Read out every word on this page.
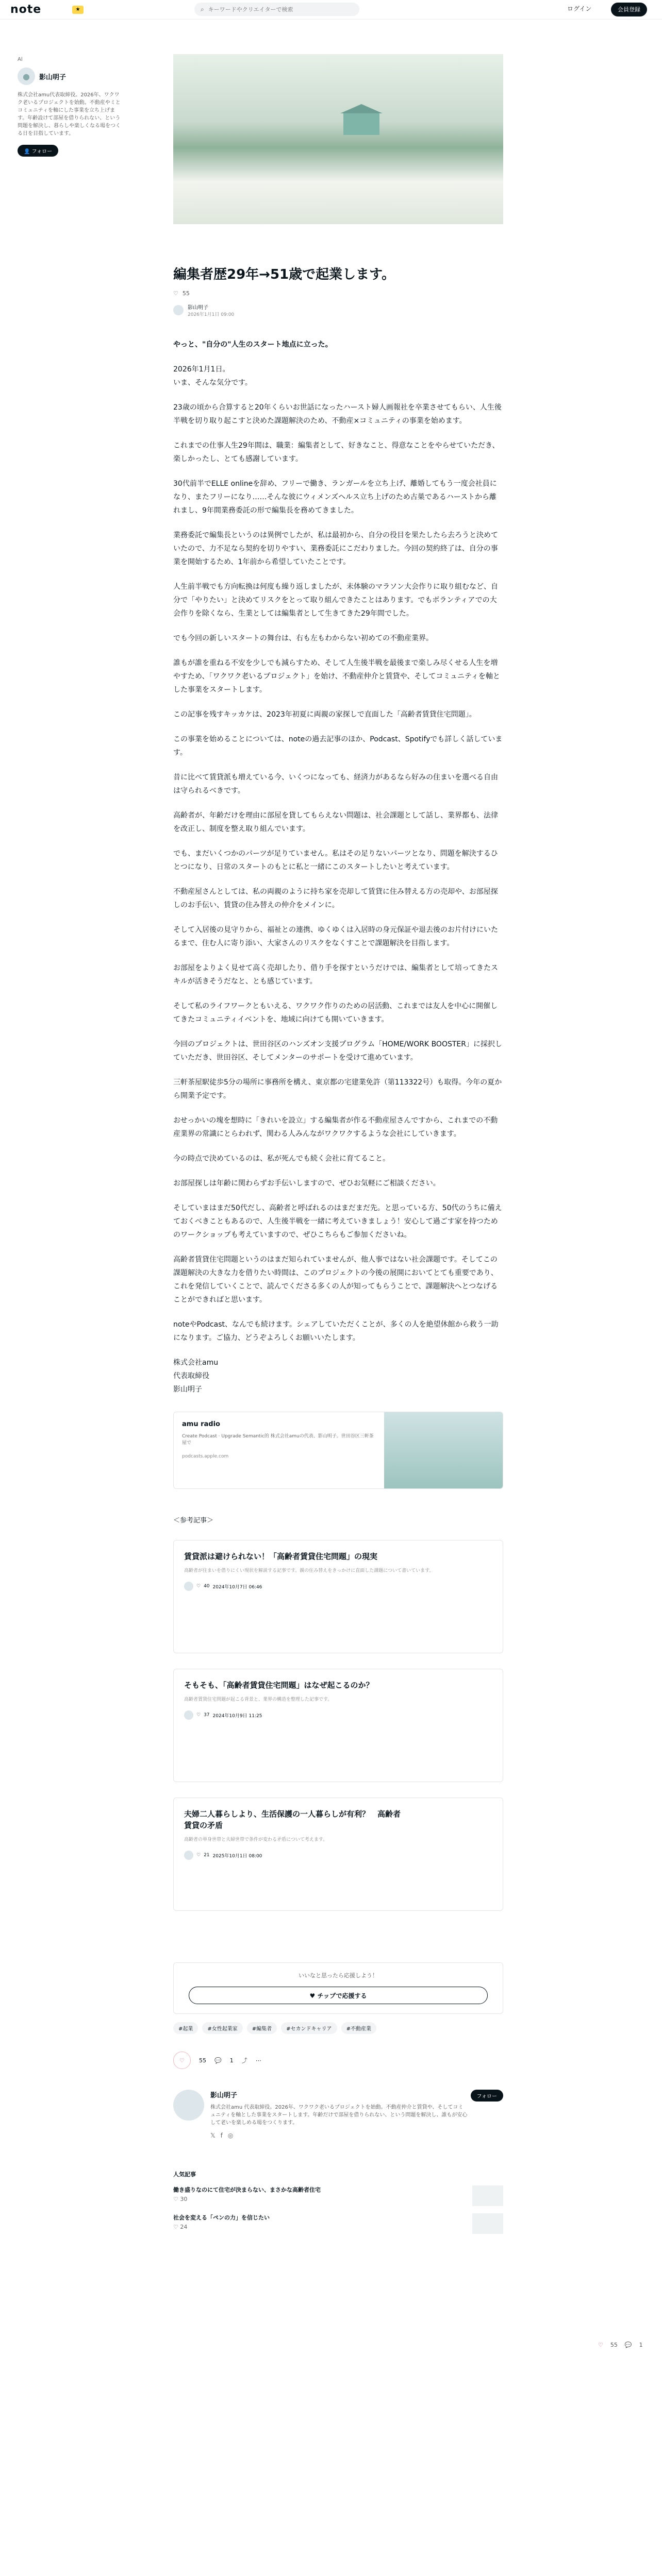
note	★	⌕
キーワードやクリエイターで検索	ログイン	会員登録
Al
●	影山明子
株式会社amu代表取締役。2026年、ワクワク老いるプロジェクトを始動。不動産やミとコミュニティを軸にした事業を立ち上げます。年齢設けて部屋を借りられない、という問題を解決し、暮らしや楽しくなる場をつくる日を目指しています。
👤 フォロー
編集者歴29年→51歳で起業します。
♡ 55
影山明子
2026年1月1日 09:00

やっと、"自分の"人生のスタート地点に立った。

2026年1月1日。
いま、そんな気分です。

23歳の頃から合算すると20年くらいお世話になったハースト婦人画報社を卒業させてもらい、人生後半戦を切り取り起こすと決めた課題解決のため、不動産×コミュニティの事業を始めます。

これまでの仕事人生29年間は、職業：編集者として、好きなこと、得意なことをやらせていただき、楽しかったし、とても感謝しています。

30代前半でELLE onlineを辞め、フリーで働き、ランガールを立ち上げ、離婚してもう一度会社員になり、またフリーになり……そんな彼にウィメンズヘルス立ち上げのため古巣であるハーストから離れまし、9年間業務委託の形で編集長を務めてきました。

業務委託で編集長というのは異例でしたが、私は最初から、自分の役目を果たしたら去ろうと決めていたので、力不足なら契約を切りやすい、業務委託にこだわりました。今回の契約終了は、自分の事業を開始するため、1年前から希望していたことです。

人生前半戦でも方向転換は何度も繰り返しましたが、未体験のマラソン大会作りに取り組むなど、自分で「やりたい」と決めてリスクをとって取り組んできたことはあります。でもボランティアでの大会作りを除くなら、生業としては編集者として生きてきた29年間でした。

でも今回の新しいスタートの舞台は、右も左もわからない初めての不動産業界。

誰もが誰を重ねる不安を少しでも減らすため、そして人生後半戦を最後まで楽しみ尽くせる人生を増やすため、「ワクワク老いるプロジェクト」を始け、不動産仲介と賃貸や、そしてコミュニティを軸とした事業をスタートします。

この記事を残すキッカケは、2023年初夏に両親の家探しで直面した「高齢者賃貸住宅問題」。

この事業を始めることについては、noteの過去記事のほか、Podcast、Spotifyでも詳しく話しています。

昔に比べて賃貸派も増えている今、いくつになっても、経済力があるなら好みの住まいを選べる自由は守られるべきです。

高齢者が、年齢だけを理由に部屋を貸してもらえない問題は、社会課題として話し、業界都も、法律を改正し、制度を整え取り組んでいます。

でも、まだいくつかのパーツが足りていません。私はその足りないパーツとなり、問題を解決するひとつになり、日常のスタートのもとに私と一緒にこのスタートしたいと考えています。

不動産屋さんとしては、私の両親のように持ち家を売却して賃貸に住み替える方の売却や、お部屋探しのお手伝い、賃貸の住み替えの仲介をメインに。

そして入居後の見守りから、福祉との連携、ゆくゆくは入居時の身元保証や退去後のお片付けにいたるまで、住む人に寄り添い、大家さんのリスクをなくすことで課題解決を目指します。

お部屋をよりよく見せて高く売却したり、借り手を探すというだけでは、編集者として培ってきたスキルが活きそうだなと、とも感じています。

そして私のライフワークともいえる、ワクワク作りのための居活動、これまでは友人を中心に開催してきたコミュニティイベントを、地域に向けても開いていきます。

今回のプロジェクトは、世田谷区のハンズオン支援プログラム「HOME/WORK BOOSTER」に採択していただき、世田谷区、そしてメンターのサポートを受けて進めています。

三軒茶屋駅徒歩5分の場所に事務所を構え、東京都の宅建業免許（第113322号）も取得。今年の夏から開業予定です。

おせっかいの塊を想時に「きれいを設立」する編集者が作る不動産屋さんですから、これまでの不動産業界の常識にとらわれず、関わる人みんながワクワクするような会社にしていきます。

今の時点で決めているのは、私が死んでも続く会社に育てること。

お部屋探しは年齢に関わらずお手伝いしますので、ぜひお気軽にご相談ください。

そしていまはまだ50代だし、高齢者と呼ばれるのはまだまだ先。と思っている方、50代のうちに備えておくべきこともあるので、人生後半戦を一緒に考えていきましょう！安心して過ごす家を持つためのワークショップも考えていますので、ぜひこちらもご参加くださいね。

高齢者賃貸住宅問題というのはまだ知られていませんが、他人事ではない社会課題です。そしてこの課題解決の大きな力を借りたい時間は、このプロジェクトの今後の展開においてとても重要であり、これを発信していくことで、読んでくださる多くの人が知ってもらうことで、課題解決へとつなげることができればと思います。

noteやPodcast、なんでも続けます。シェアしていただくことが、多くの人を絶望休館から救う一助になります。ご協力、どうぞよろしくお願いいたします。

株式会社amu
代表取締役
影山明子

amu radio
Create Podcast · Upgrade Semantic的 株式会社amuの代表、影山明子。世田谷区三軒茶屋で
podcasts.apple.com
＜参考記事＞
賃貸派は避けられない！「高齢者賃貸住宅問題」の現実
高齢者が住まいを借りにくい現状を解説する記事です。親の住み替えをきっかけに直面した課題について書いています。
♡ 40 2024年10月7日 06:46
そもそも、「高齢者賃貸住宅問題」はなぜ起こるのか？
高齢者賃貸住宅問題が起こる背景と、業界の構造を整理した記事です。
♡ 37 2024年10月9日 11:25
夫婦二人暮らしより、生活保護の一人暮らしが有利？　高齢者賃貸の矛盾
高齢者の単身世帯と夫婦世帯で条件が変わる矛盾について考えます。
♡ 21 2025年10月1日 08:00
いいなと思ったら応援しよう！
♥ チップで応援する
#起業	#女性起業家	#編集者	#セカンドキャリア	#不動産業
♡	55 💬 1 ⤴ ⋯
影山明子
株式会社amu 代表取締役。2026年、ワクワク老いるプロジェクトを始動。不動産仲介と賃貸や、そしてコミュニティを軸とした事業をスタートします。年齢だけで部屋を借りられない、という問題を解決し、誰もが安心して老いを楽しめる場をつくります。
𝕏 f ◎
フォロー
人気記事
働き盛りなのにて住宅が決まらない、まさかな高齢者住宅
♡ 30
社会を変える「ペンの力」を信じたい
♡ 24
♡ 55 💬 1
